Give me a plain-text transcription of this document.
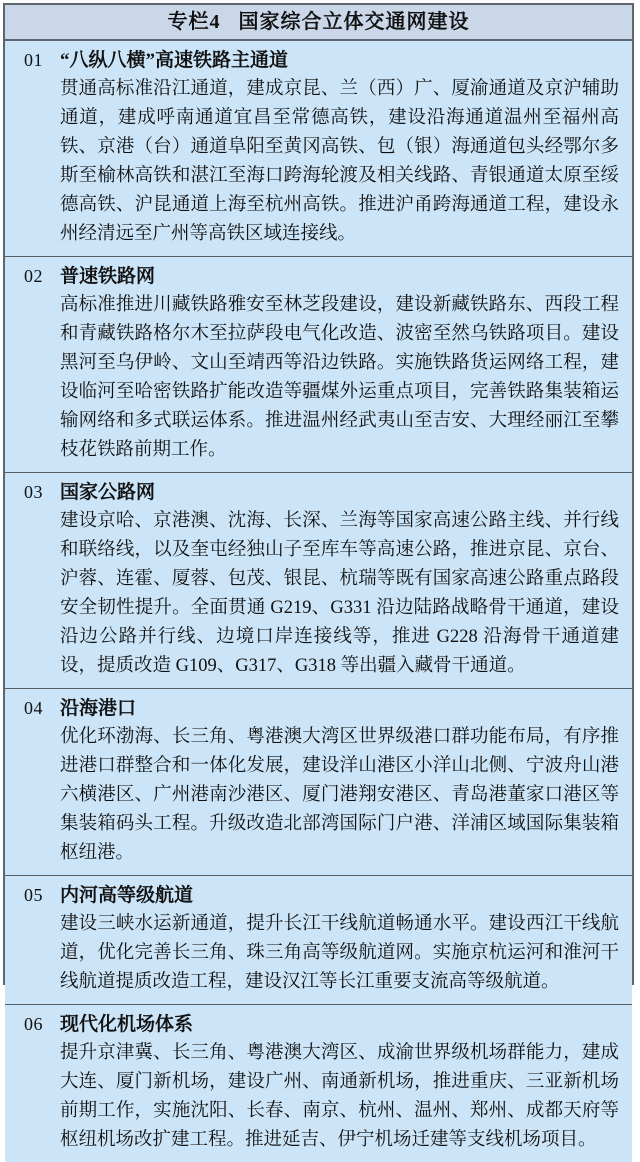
专栏4 国家综合立体交通网建设
01 “八纵八横”高速铁路主通道

贯通高标准沿江通道，建成京昆、兰（西）广、厦渝通道及京沪辅助通道，建成呼南通道宜昌至常德高铁，建设沿海通道温州至福州高铁、京港（台）通道阜阳至黄冈高铁、包（银）海通道包头经鄂尔多斯至榆林高铁和湛江至海口跨海轮渡及相关线路、青银通道太原至绥德高铁、沪昆通道上海至杭州高铁。推进沪甬跨海通道工程，建设永州经清远至广州等高铁区域连接线。

02 普速铁路网

高标准推进川藏铁路雅安至林芝段建设，建设新藏铁路东、西段工程和青藏铁路格尔木至拉萨段电气化改造、波密至然乌铁路项目。建设黑河至乌伊岭、文山至靖西等沿边铁路。实施铁路货运网络工程，建设临河至哈密铁路扩能改造等疆煤外运重点项目，完善铁路集装箱运输网络和多式联运体系。推进温州经武夷山至吉安、大理经丽江至攀枝花铁路前期工作。

03 国家公路网

建设京哈、京港澳、沈海、长深、兰海等国家高速公路主线、并行线和联络线，以及奎屯经独山子至库车等高速公路，推进京昆、京台、沪蓉、连霍、厦蓉、包茂、银昆、杭瑞等既有国家高速公路重点路段安全韧性提升。全面贯通 G219、G331 沿边陆路战略骨干通道，建设沿边公路并行线、边境口岸连接线等，推进 G228 沿海骨干通道建设，提质改造 G109、G317、G318 等出疆入藏骨干通道。

04 沿海港口

优化环渤海、长三角、粤港澳大湾区世界级港口群功能布局，有序推进港口群整合和一体化发展，建设洋山港区小洋山北侧、宁波舟山港六横港区、广州港南沙港区、厦门港翔安港区、青岛港董家口港区等集装箱码头工程。升级改造北部湾国际门户港、洋浦区域国际集装箱枢纽港。

05 内河高等级航道

建设三峡水运新通道，提升长江干线航道畅通水平。建设西江干线航道，优化完善长三角、珠三角高等级航道网。实施京杭运河和淮河干线航道提质改造工程，建设汉江等长江重要支流高等级航道。

06 现代化机场体系

提升京津冀、长三角、粤港澳大湾区、成渝世界级机场群能力，建成大连、厦门新机场，建设广州、南通新机场，推进重庆、三亚新机场前期工作，实施沈阳、长春、南京、杭州、温州、郑州、成都天府等枢纽机场改扩建工程。推进延吉、伊宁机场迁建等支线机场项目。
